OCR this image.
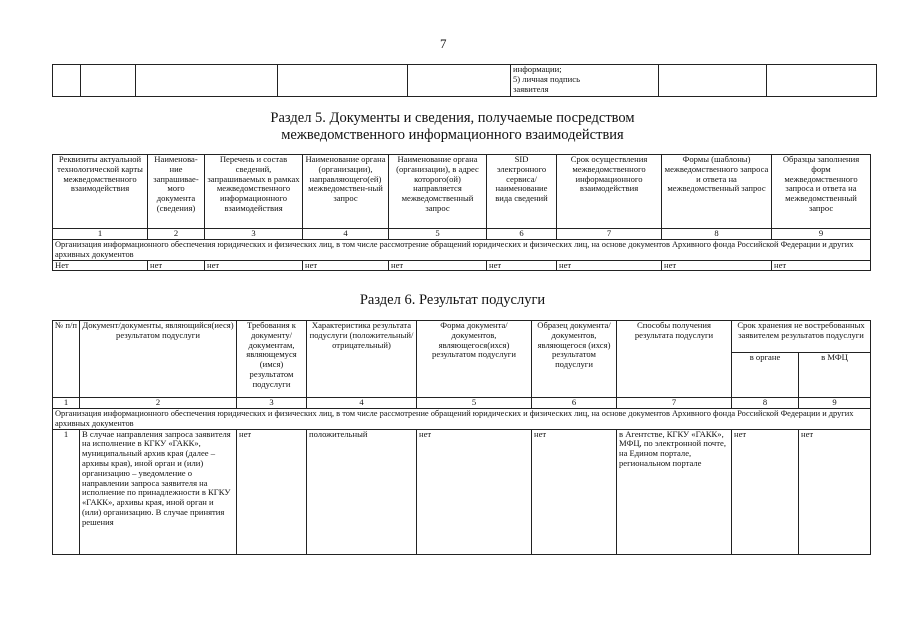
7

информации;
5) личная подпись
заявителя

Раздел 5. Документы и сведения, получаемые посредством
межведомственного информационного взаимодействия
Реквизиты актуальной технологической карты межведомственного взаимодействия	Наименова-ние запрашивае-мого документа (сведения)	Перечень и состав сведений, запрашиваемых в рамках межведомственного информационного взаимодействия	Наименование органа (организации), направляющего(ей) межведомствен-ный запрос	Наименование органа (организации), в адрес которого(ой) направляется межведомственный запрос	SID электронного сервиса/ наименование вида сведений	Срок осуществления межведомственного информационного взаимодействия	Формы (шаблоны) межведомственного запроса и ответа на межведомственный запрос	Образцы заполнения форм межведомственного запроса и ответа на межведомственный запрос
1	2	3	4	5	6	7	8	9
Организация информационного обеспечения юридических и физических лиц, в том числе рассмотрение обращений юридических и физических лиц, на основе документов Архивного фонда Российской Федерации и других архивных документов								
Нет	нет	нет	нет	нет	нет	нет	нет	нет
Раздел 6. Результат подуслуги
№ п/п	Документ/документы, являющийся(иеся) результатом подуслуги	Требования к документу/ документам, являющемуся (имся) результатом подуслуги	Характеристика результата подуслуги (положительный/ отрицательный)	Форма документа/документов, являющегося(ихся) результатом подуслуги	Образец документа/ документов, являющегося (ихся) результатом подуслуги	Способы получения результата подуслуги	Срок хранения не востребованных заявителем результатов подуслуги	
							в органе	в МФЦ
1	2	3	4	5	6	7	8	9
Организация информационного обеспечения юридических и физических лиц, в том числе рассмотрение обращений юридических и физических лиц, на основе документов Архивного фонда Российской Федерации и других архивных документов								
1	В случае направления запроса заявителя на исполнение в КГКУ «ГАКК», муниципальный архив края (далее – архивы края), иной орган и (или) организацию – уведомление о направлении запроса заявителя на исполнение по принадлежности в КГКУ «ГАКК», архивы края, иной орган и (или) организацию. В случае принятия решения	нет	положительный	нет	нет	в Агентстве, КГКУ «ГАКК», МФЦ, по электронной почте, на Едином портале, региональном портале	нет	нет
